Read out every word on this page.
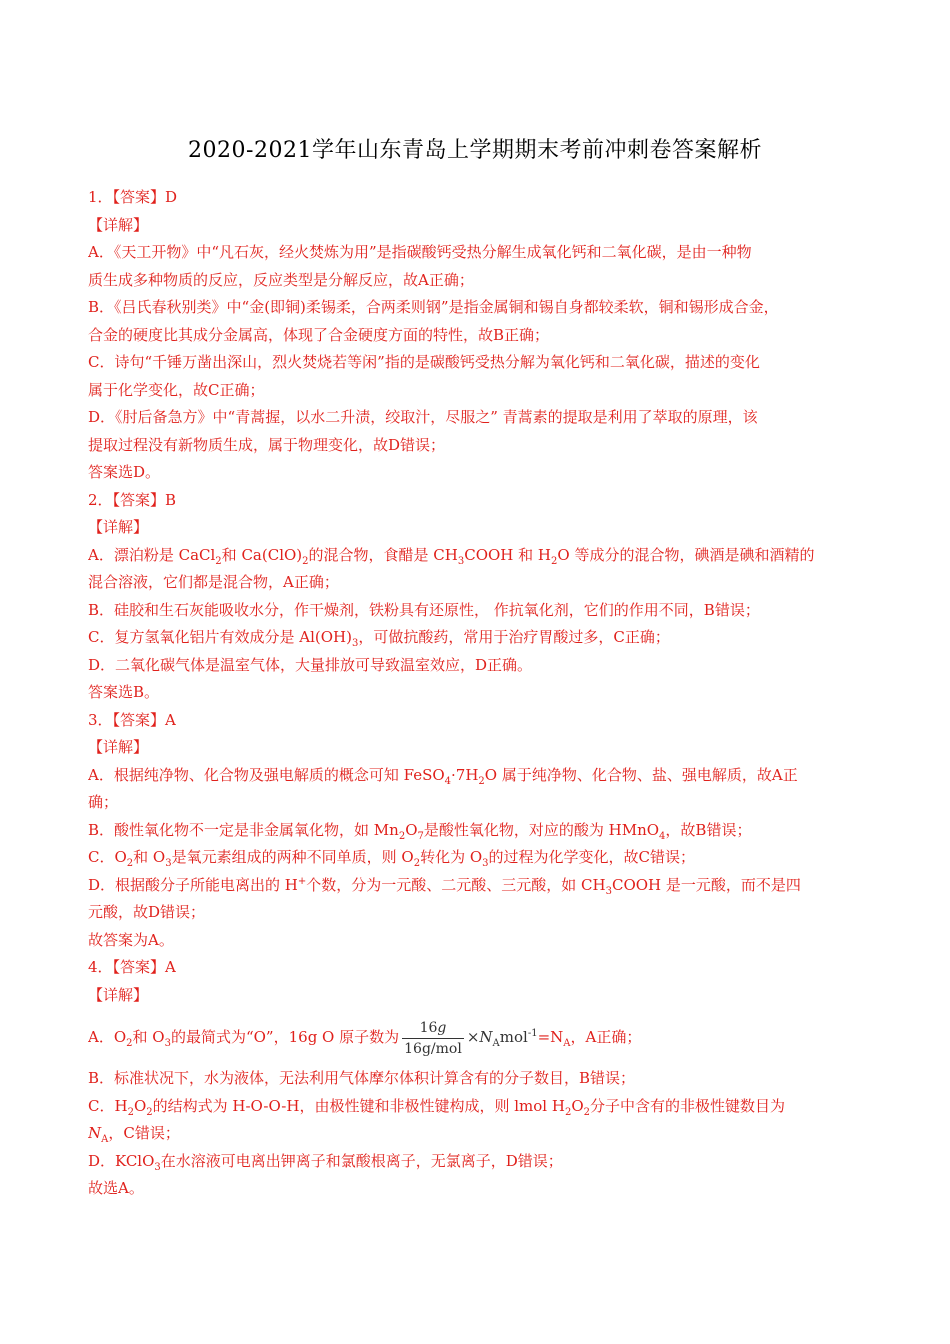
2020-2021学年山东青岛上学期期末考前冲刺卷答案解析
1．【答案】D
【详解】
A．《天工开物》中“凡石灰，经火焚炼为用”是指碳酸钙受热分解生成氧化钙和二氧化碳，是由一种物
质生成多种物质的反应，反应类型是分解反应，故A正确；
B．《吕氏春秋别类》中“金(即铜)柔锡柔，合两柔则钢”是指金属铜和锡自身都较柔软，铜和锡形成合金，
合金的硬度比其成分金属高，体现了合金硬度方面的特性，故B正确；
C．诗句“千锤万凿出深山，烈火焚烧若等闲”指的是碳酸钙受热分解为氧化钙和二氧化碳，描述的变化
属于化学变化，故C正确；
D．《肘后备急方》中“青蒿握，以水二升渍，绞取汁，尽服之” 青蒿素的提取是利用了萃取的原理，该
提取过程没有新物质生成，属于物理变化，故D错误；
答案选D。
2．【答案】B
【详解】
A．漂泊粉是 CaCl$_2$和 $Ca(ClO)_2$的混合物，食醋是 $CH_3COOH$ 和 $H_2O$ 等成分的混合物，碘酒是碘和酒精的
混合溶液，它们都是混合物，A正确；
B．硅胶和生石灰能吸收水分，作干燥剂，铁粉具有还原性， 作抗氧化剂，它们的作用不同，B错误；
C．复方氢氧化铝片有效成分是 $Al(OH)_3$，可做抗酸药，常用于治疗胃酸过多，C正确；
D．二氧化碳气体是温室气体，大量排放可导致温室效应，D正确。
答案选B。
3．【答案】A
【详解】
A．根据纯净物、化合物及强电解质的概念可知 $FeSO_4\cdot 7H_2O$ 属于纯净物、化合物、盐、强电解质，故A正
确；
B．酸性氧化物不一定是非金属氧化物，如 $Mn_2O_7$是酸性氧化物，对应的酸为 HMnO$_4$，故B错误；
C．$O_2$和 $O_3$是氧元素组成的两种不同单质，则 $O_2$转化为 $O_3$的过程为化学变化，故C错误；
D．根据酸分子所能电离出的 H+个数，分为一元酸、二元酸、三元酸，如 $CH_3COOH$ 是一元酸，而不是四
元酸，故D错误；
故答案为A。
4．【答案】A
【详解】
A．$O_2$和 $O_3$的最简式为“O”，16g O 原子数为 $\frac{16g}{\text{16g/mol}} \times N_Amol^{-1}=N_A$，A正确；
B．标准状况下，水为液体，无法利用气体摩尔体积计算含有的分子数目，B错误；
C．$H_2O_2$的结构式为 H-O-O-H，由极性键和非极性键构成，则 lmol $H_2O_2$分子中含有的非极性键数目为
$N_A$，C错误；
D．KClO$_3$在水溶液可电离出钾离子和氯酸根离子，无氯离子，D错误；
故选A。
